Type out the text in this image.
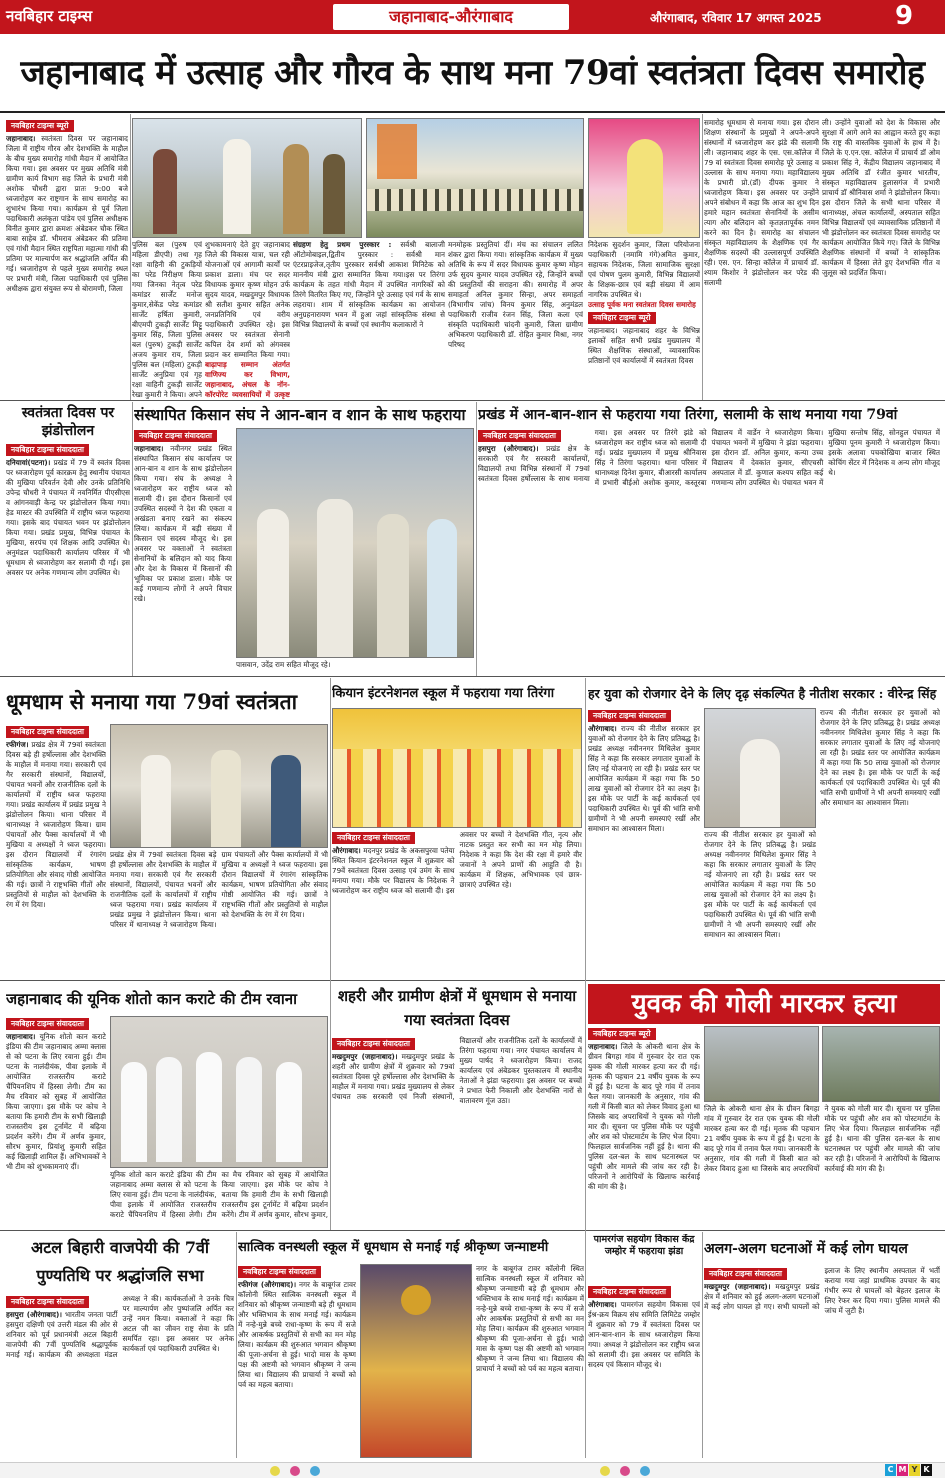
नवबिहार टाइम्स	जहानाबाद-औरंगाबाद	औरंगाबाद, रविवार 17 अगस्त 2025	9
जहानाबाद में उत्साह और गौरव के साथ मना 79वां स्वतंत्रता दिवस समारोह
नवबिहार टाइम्स ब्यूरो
जहानाबाद। स्वतंत्रता दिवस पर जहानाबाद जिला में राष्ट्रीय गौरव और देशभक्ति के माहौल के बीच मुख्य समारोह गांधी मैदान में आयोजित किया गया। इस अवसर पर मुख्य अतिथि मंत्री ग्रामीण कार्य विभाग सह जिले के प्रभारी मंत्री अशोक चौधरी द्वारा प्रातः 9:00 बजे ध्वजारोहण कर राष्ट्रगान के साथ समारोह का शुभारंभ किया गया। कार्यक्रम से पूर्व जिला पदाधिकारी अलंकृता पांडेय एवं पुलिस अधीक्षक विनीत कुमार द्वारा क्रमशः अंबेडकर चौक स्थित बाबा साहेब डॉ. भीमराव अंबेडकर की प्रतिमा एवं गांधी मैदान स्थित राष्ट्रपिता महात्मा गांधी की प्रतिमा पर माल्यार्पण कर श्रद्धांजलि अर्पित की गई। ध्वजारोहण से पहले मुख्य समारोह स्थल पर प्रभारी मंत्री, जिला पदाधिकारी एवं पुलिस अधीक्षक द्वारा संयुक्त रूप से बोरामणी, जिला
पुलिस बल (पुरुष एवं महिला डीएपी) तथा गृह रक्षा वाहिनी की टुकड़ियों का परेड निरीक्षण किया गया जिनका नेतृत्व परेड कमांडर सार्जेंट मनोज कुमार,सेकेंड परेड कमांडर सार्जेंट हर्षिता कुमारी, बीएमपी टुकड़ी सार्जेंट मिट्टू कुमार सिंह, जिला पुलिस बल (पुरुष) टुकड़ी सार्जेंट अजय कुमार राय, जिला पुलिस बल (महिला) टुकड़ी सार्जेंट अनुप्रिया एवं गृह रक्षा वाहिनी टुकड़ी सार्जेंट रेखा कुमारी ने किया। अपने
शुभकामनाएं देते हुए जहानाबाद जिले की विकास यात्रा, चल रही योजनाओं एवं आगामी कार्यों पर प्रकाश डाला। मंच पर सदर विधायक कुमार कृष्ण मोहन उर्फ सुदय यादव, मखदुमपुर विधायक श्री सतीश कुमार सहित अनेक जनप्रतिनिधि एवं वरीय पदाधिकारी उपस्थित रहे। इस अवसर पर स्वतंत्रता सेनानी कपिल देव शर्मा को अंगवस्त्र प्रदान कर सम्मानित किया गया। बाढ़ापाड़ सम्मान अंतर्गत वाणिज्य कर विभाग, जहानाबाद, अंचल के नॉन-कॉरपोरेट व्यवसायियों में उत्कृष्ट
संग्रहण हेतु प्रथम पुरस्कार : सर्वश्री बालाजी ऑटोमोबाइल,द्वितीय पुरस्कार : सर्वश्री मान एंटरप्राइजेज,तृतीय पुरस्कार सर्वश्री आकाश मिनिटेक को माननीय मंत्री द्वारा सम्मानित किया गया।इस पर तिरंगा कार्यक्रम के तहत गांधी मैदान में उपस्थित नागरिकों को तिरंगे वितरित किए गए, जिन्होंने पूरे उत्साह एवं गर्व के साथ लहराया। शाम में सांस्कृतिक कार्यक्रम का आयोजन अनुग्रहनारायण भवन में हुआ जहां सांस्कृतिक संस्था से विभिन्न विद्यालयों के बच्चों एवं स्थानीय कलाकारों ने
मनमोहक प्रस्तुतियां दीं। मंच का संचालन ललित शंकर द्वारा किया गया। सांस्कृतिक कार्यक्रम में मुख्य अतिथि के रूप में सदर विधायक कुमार कृष्ण मोहन उर्फ सुदय कुमार यादव उपस्थित रहे, जिन्होंने बच्चों की प्रस्तुतियों की सराहना की। समारोह में अपर समाहर्ता अनिल कुमार सिन्हा, अपर समाहर्ता (विभागीय जांच) विनय कुमार सिंह, अनुमंडल पदाधिकारी राजीव रंजन सिंह, जिला कला एवं संस्कृति पदाधिकारी चांदनी कुमारी, जिला ग्रामीण अभिकरण पदाधिकारी डॉ. रोहित कुमार मिश्रा, नगर परिषद
निदेशक सुदर्शन कुमार, जिला परियोजना पदाधिकारी (नमामि गंगे)अमित कुमार, सहायक निदेशक, जिला सामाजिक सुरक्षा एवं पोषण पुलम कुमारी, विभिन्न विद्यालयों के शिक्षक-छात्र एवं बड़ी संख्या में आम नागरिक उपस्थित थे।
उत्साह पूर्वक मना स्वतंत्रता दिवस समारोह
नवबिहार टाइम्स ब्यूरो
जहानाबाद। जहानाबाद शहर के विभिन्न इलाकों सहित सभी प्रखंड मुख्यालय में स्थित शैक्षणिक संस्थाओं, व्यावसायिक प्रतिष्ठानों एवं कार्यालयों में स्वतंत्रता दिवस
समारोह धूमधाम से मनाया गया। इस दौरान शिक्षण संस्थानों के प्रमुखों ने अपने-अपने संस्थानों में ध्वजारोहण कर झंडे की सलामी ली। जहानाबाद शहर के एस. एस.कॉलेज में 79 वां स्वतंत्रता दिवस समारोह पूरे उत्साह व उल्लास के साथ मनाया गया। महाविद्यालय के प्रभारी प्रो.(डॉ) दीपक कुमार ने ध्वजारोहण किया। इस अवसर पर उन्होंने अपने संबोधन में कहा कि आज का शुभ दिन हमारे महान स्वतंत्रता सेनानियों के असीम त्याग और बलिदान को कृतज्ञतापूर्वक नमन करने का दिन है। समारोह का संचालन संस्कृत महाविद्यालय के शैक्षणिक एवं गैर शैक्षणिक सदस्यों की उल्लासपूर्ण उपस्थिति रही। एस. एन. सिन्हा कॉलेज में प्राचार्य डॉ. श्याम किशोर ने झंडोत्तोलन कर परेड की सलामी
ली। उन्होंने युवाओं को देश के विकास और सुरक्षा में आगे आने का आह्वान करते हुए कहा कि राष्ट्र की वास्तविक युवाओं के हाथ में है। जिले के ए.एन.एस. कॉलेज में प्राचार्य डॉ ओम प्रकाश सिंह ने, केंद्रीय विद्यालय जहानाबाद में मुख्य अतिथि डॉ रंजीत कुमार भारतीय, संस्कृत महाविद्यालय हुलासगंज में प्रभारी प्राचार्य डॉ श्रीनिवास शर्मा ने झंडोत्तोलन किया। इस दौरान जिले के सभी थाना परिसर में थानाध्यक्ष, अंचल कार्यालयों, अस्पताल सहित विभिन्न विद्यालयों एवं व्यावसायिक प्रतिष्ठानों में भी झंडोत्तोलन कर स्वतंत्रता दिवस समारोह पर कार्यक्रम आयोजित किये गए। जिले के विभिन्न शैक्षणिक संस्थानों में बच्चों ने सांस्कृतिक कार्यक्रम में हिस्सा लेते हुए देशभक्ति गीत व जुलूस को प्रदर्शित किया।
स्वतंत्रता दिवस पर झंडोत्तोलन
नवबिहार टाइम्स संवाददाता
दनियावां(पटना)। प्रखंड में 79 वें स्वतंत्र दिवस पर ध्वजारोहण पूर्व कारक्रम हेतु स्थानीय पंचायत की मुखिया परिवर्तन देवी और उनके प्रतिनिधि उपेन्द्र चौधरी ने पंचायत में नवनिर्मित पीएसीएस व आंगनवाड़ी केन्द्र पर झंडोत्तोलन किया गया। हेड मास्टर की उपस्थिति में राष्ट्रीय ध्वज फहराया गया। इसके बाद पंचायत भवन पर झंडोत्तोलन किया गया। प्रखंड प्रमुख, विभिन्न पंचायत के मुखिया, सरपंच एवं शिक्षक आदि उपस्थित थे। अनुमंडल पदाधिकारी कार्यालय परिसर में भी धूमधाम से ध्वजारोहण कर सलामी दी गई। इस अवसर पर अनेक गणमान्य लोग उपस्थित थे।
संस्थापित किसान संघ ने आन-बान व शान के साथ फहराया
नवबिहार टाइम्स संवाददाता
जहानाबाद। नवीनगर प्रखंड स्थित संस्थापित किसान संघ कार्यालय पर आन-बान व शान के साथ झंडोत्तोलन किया गया। संघ के अध्यक्ष ने ध्वजारोहण कर राष्ट्रीय ध्वज को सलामी दी। इस दौरान किसानों एवं उपस्थित सदस्यों ने देश की एकता व अखंडता बनाए रखने का संकल्प लिया। कार्यक्रम में बड़ी संख्या में किसान एवं सदस्य मौजूद थे। इस अवसर पर वक्ताओं ने स्वतंत्रता सेनानियों के बलिदान को याद किया और देश के विकास में किसानों की भूमिका पर प्रकाश डाला। मौके पर कई गणमान्य लोगों ने अपने विचार रखे।
पासवान, उदेंद्र राम सहित मौजूद रहे।
प्रखंड में आन-बान-शान से फहराया गया तिरंगा, सलामी के साथ मनाया गया 79वां
नवबिहार टाइम्स संवाददाता
हसपुरा (औरंगाबाद)। प्रखंड क्षेत्र के सरकारी एवं गैर सरकारी कार्यालयों, विद्यालयों तथा विभिन्न संस्थानों में 79वां स्वतंत्रता दिवस हर्षोल्लास के साथ मनाया गया। इस अवसर पर तिरंगे झंडे को ध्वजारोहण कर राष्ट्रीय ध्वज को सलामी दी गई। प्रखंड मुख्यालय में प्रमुख श्रीनिवास सिंह ने तिरंगा फहराया। थाना परिसर में थानाध्यक्ष दिनेश कुमार, बीआरसी कार्यालय में प्रभारी बीईओ अशोक कुमार, कस्तूरबा विद्यालय में वार्डेन ने ध्वजारोहण किया। पंचायत भवनों में मुखिया ने झंडा फहराया। इस दौरान डॉ. अनिल कुमार, कन्या उच्च विद्यालय में देवकांत कुमार, सीएचसी अस्पताल में डॉ. कुणाल कश्यप सहित कई गणमान्य लोग उपस्थित थे। पंचायत भवन में मुखिया सन्तोष सिंह, सोनहुल पंचायत में मुखिया पूनम कुमारी ने ध्वजारोहण किया। इसके अलावा पचकोखिया बाजार स्थित कोचिंग सेंटर में निदेशक व अन्य लोग मौजूद थे।
धूमधाम से मनाया गया 79वां स्वतंत्रता
नवबिहार टाइम्स संवाददाता
रफीगंज। प्रखंड क्षेत्र में 79वां स्वतंत्रता दिवस बड़े ही हर्षोल्लास और देशभक्ति के माहौल में मनाया गया। सरकारी एवं गैर सरकारी संस्थानों, विद्यालयों, पंचायत भवनों और राजनीतिक दलों के कार्यालयों में राष्ट्रीय ध्वज फहराया गया। प्रखंड कार्यालय में प्रखंड प्रमुख ने झंडोत्तोलन किया। थाना परिसर में थानाध्यक्ष ने ध्वजारोहण किया। ग्राम पंचायतों और पैक्स कार्यालयों में भी मुखिया व अध्यक्षों ने ध्वज फहराया। इस दौरान विद्यालयों में रंगारंग सांस्कृतिक कार्यक्रम, भाषण प्रतियोगिता और संवाद गोष्ठी आयोजित की गई। छात्रों ने राष्ट्रभक्ति गीतों और प्रस्तुतियों से माहौल को देशभक्ति के रंग में रंग दिया।
प्रखंड क्षेत्र में 79वां स्वतंत्रता दिवस बड़े ही हर्षोल्लास और देशभक्ति के माहौल में मनाया गया। सरकारी एवं गैर सरकारी संस्थानों, विद्यालयों, पंचायत भवनों और राजनीतिक दलों के कार्यालयों में राष्ट्रीय ध्वज फहराया गया। प्रखंड कार्यालय में प्रखंड प्रमुख ने झंडोत्तोलन किया। थाना परिसर में थानाध्यक्ष ने ध्वजारोहण किया। ग्राम पंचायतों और पैक्स कार्यालयों में भी मुखिया व अध्यक्षों ने ध्वज फहराया। इस दौरान विद्यालयों में रंगारंग सांस्कृतिक कार्यक्रम, भाषण प्रतियोगिता और संवाद गोष्ठी आयोजित की गई। छात्रों ने राष्ट्रभक्ति गीतों और प्रस्तुतियों से माहौल को देशभक्ति के रंग में रंग दिया।
कियान इंटरनेशनल स्कूल में फहराया गया तिरंगा
नवबिहार टाइम्स संवाददाता
औरंगाबाद। मदनपुर प्रखंड के अकसपुरवा पतेया स्थित कियान इंटरनेशनल स्कूल में शुक्रवार को 79वें स्वतंत्रता दिवस उत्साह एवं उमंग के साथ मनाया गया। मौके पर विद्यालय के निदेशक ने ध्वजारोहण कर राष्ट्रीय ध्वज को सलामी दी। इस अवसर पर बच्चों ने देशभक्ति गीत, नृत्य और नाटक प्रस्तुत कर सभी का मन मोह लिया। निदेशक ने कहा कि देश की रक्षा में हमारे वीर जवानों ने अपने प्राणों की आहुति दी है। कार्यक्रम में शिक्षक, अभिभावक एवं छात्र-छात्राएं उपस्थित रहे।
हर युवा को रोजगार देने के लिए दृढ़ संकल्पित है नीतीश सरकार : वीरेन्द्र सिंह
नवबिहार टाइम्स संवाददाता
औरंगाबाद। राज्य की नीतीश सरकार हर युवाओं को रोजगार देने के लिए प्रतिबद्ध है। प्रखंड अध्यक्ष नवीननगर मिथिलेश कुमार सिंह ने कहा कि सरकार लगातार युवाओं के लिए नई योजनाएं ला रही है। प्रखंड स्तर पर आयोजित कार्यक्रम में कहा गया कि 50 लाख युवाओं को रोजगार देने का लक्ष्य है। इस मौके पर पार्टी के कई कार्यकर्ता एवं पदाधिकारी उपस्थित थे। पूर्व की भांति सभी ग्रामीणों ने भी अपनी समस्याएं रखीं और समाधान का आश्वासन मिला।
राज्य की नीतीश सरकार हर युवाओं को रोजगार देने के लिए प्रतिबद्ध है। प्रखंड अध्यक्ष नवीननगर मिथिलेश कुमार सिंह ने कहा कि सरकार लगातार युवाओं के लिए नई योजनाएं ला रही है। प्रखंड स्तर पर आयोजित कार्यक्रम में कहा गया कि 50 लाख युवाओं को रोजगार देने का लक्ष्य है। इस मौके पर पार्टी के कई कार्यकर्ता एवं पदाधिकारी उपस्थित थे। पूर्व की भांति सभी ग्रामीणों ने भी अपनी समस्याएं रखीं और समाधान का आश्वासन मिला।
राज्य की नीतीश सरकार हर युवाओं को रोजगार देने के लिए प्रतिबद्ध है। प्रखंड अध्यक्ष नवीननगर मिथिलेश कुमार सिंह ने कहा कि सरकार लगातार युवाओं के लिए नई योजनाएं ला रही है। प्रखंड स्तर पर आयोजित कार्यक्रम में कहा गया कि 50 लाख युवाओं को रोजगार देने का लक्ष्य है। इस मौके पर पार्टी के कई कार्यकर्ता एवं पदाधिकारी उपस्थित थे। पूर्व की भांति सभी ग्रामीणों ने भी अपनी समस्याएं रखीं और समाधान का आश्वासन मिला।
जहानाबाद की यूनिक शोतो कान कराटे की टीम रवाना
नवबिहार टाइम्स संवाददाता
जहानाबाद। यूनिक शोतो कान कराटे इंडिया की टीम जहानाबाद अम्मा क्लास से को पटना के लिए रवाना हुई। टीम पटना के नालंदीयंक, पीवा इलाके में आयोजित राजस्तरीय कराटे चैंपियनशिप में हिस्सा लेगी। टीम का मैच रविवार को सुबह में आयोजित किया जाएगा। इस मौके पर कोच ने बताया कि हमारी टीम के सभी खिलाड़ी राजस्तरीय इस टूर्नामेंट में बढ़िया प्रदर्शन करेंगे। टीम में अर्णव कुमार, सौरभ कुमार, प्रियांशु कुमारी सहित कई खिलाड़ी शामिल हैं। अभिभावकों ने भी टीम को शुभकामनाएं दीं।
यूनिक शोतो कान कराटे इंडिया की टीम जहानाबाद अम्मा क्लास से को पटना के लिए रवाना हुई। टीम पटना के नालंदीयंक, पीवा इलाके में आयोजित राजस्तरीय कराटे चैंपियनशिप में हिस्सा लेगी। टीम का मैच रविवार को सुबह में आयोजित किया जाएगा। इस मौके पर कोच ने बताया कि हमारी टीम के सभी खिलाड़ी राजस्तरीय इस टूर्नामेंट में बढ़िया प्रदर्शन करेंगे। टीम में अर्णव कुमार, सौरभ कुमार,
शहरी और ग्रामीण क्षेत्रों में धूमधाम से मनाया गया स्वतंत्रता दिवस
नवबिहार टाइम्स संवाददाता
मखदुमपुर (जहानाबाद)। मखदुमपुर प्रखंड के शहरी और ग्रामीण क्षेत्रों में शुक्रवार को 79वां स्वतंत्रता दिवस पूरे हर्षोल्लास और देशभक्ति के माहौल में मनाया गया। प्रखंड मुख्यालय से लेकर पंचायत तक सरकारी एवं निजी संस्थानों, विद्यालयों और राजनीतिक दलों के कार्यालयों में तिरंगा फहराया गया। नगर पंचायत कार्यालय में मुख्य पार्षद ने ध्वजारोहण किया। राजद कार्यालय एवं अंबेडकर पुस्तकालय में स्थानीय नेताओं ने झंडा फहराया। इस अवसर पर बच्चों ने प्रभात फेरी निकाली और देशभक्ति नारों से वातावरण गूंज उठा।
युवक की गोली मारकर हत्या
नवबिहार टाइम्स ब्यूरो
जहानाबाद। जिले के ओकरी थाना क्षेत्र के ग्रीवन बिगहा गांव में गुरुवार देर रात एक युवक की गोली मारकर हत्या कर दी गई। मृतक की पहचान 21 वर्षीय युवक के रूप में हुई है। घटना के बाद पूरे गांव में तनाव फैल गया। जानकारी के अनुसार, गांव की गली में किसी बात को लेकर विवाद हुआ था जिसके बाद अपराधियों ने युवक को गोली मार दी। सूचना पर पुलिस मौके पर पहुंची और शव को पोस्टमार्टम के लिए भेज दिया। फिलहाल सार्वजनिक नहीं हुई है। थाना की पुलिस दल-बल के साथ घटनास्थल पर पहुंची और मामले की जांच कर रही है। परिजनों ने आरोपियों के खिलाफ कार्रवाई की मांग की है।
जिले के ओकरी थाना क्षेत्र के ग्रीवन बिगहा गांव में गुरुवार देर रात एक युवक की गोली मारकर हत्या कर दी गई। मृतक की पहचान 21 वर्षीय युवक के रूप में हुई है। घटना के बाद पूरे गांव में तनाव फैल गया। जानकारी के अनुसार, गांव की गली में किसी बात को लेकर विवाद हुआ था जिसके बाद अपराधियों ने युवक को गोली मार दी। सूचना पर पुलिस मौके पर पहुंची और शव को पोस्टमार्टम के लिए भेज दिया। फिलहाल सार्वजनिक नहीं हुई है। थाना की पुलिस दल-बल के साथ घटनास्थल पर पहुंची और मामले की जांच कर रही है। परिजनों ने आरोपियों के खिलाफ कार्रवाई की मांग की है।
अटल बिहारी वाजपेयी की 7वीं पुण्यतिथि पर श्रद्धांजलि सभा
नवबिहार टाइम्स संवाददाता
हसपुरा (औरंगाबाद)। भारतीय जनता पार्टी हसपुरा दक्षिणी एवं उत्तरी मंडल की ओर से शनिवार को पूर्व प्रधानमंत्री अटल बिहारी वाजपेयी की 7वीं पुण्यतिथि श्रद्धापूर्वक मनाई गई। कार्यक्रम की अध्यक्षता मंडल अध्यक्ष ने की। कार्यकर्ताओं ने उनके चित्र पर माल्यार्पण और पुष्पांजलि अर्पित कर उन्हें नमन किया। वक्ताओं ने कहा कि अटल जी का जीवन राष्ट्र सेवा के प्रति समर्पित रहा। इस अवसर पर अनेक कार्यकर्ता एवं पदाधिकारी उपस्थित थे।
सात्विक वनस्थली स्कूल में धूमधाम से मनाई गई श्रीकृष्ण जन्माष्टमी
नवबिहार टाइम्स संवाददाता
रफीगंज (औरंगाबाद)। नगर के बाबूगंज टावर कॉलोनी स्थित सात्विक वनस्थली स्कूल में शनिवार को श्रीकृष्ण जन्माष्टमी बड़े ही धूमधाम और भक्तिभाव के साथ मनाई गई। कार्यक्रम में नन्हे-मुन्ने बच्चे राधा-कृष्ण के रूप में सजे और आकर्षक प्रस्तुतियों से सभी का मन मोह लिया। कार्यक्रम की शुरुआत भगवान श्रीकृष्ण की पूजा-अर्चना से हुई। भादो मास के कृष्ण पक्ष की अष्टमी को भगवान श्रीकृष्ण ने जन्म लिया था। विद्यालय की प्राचार्या ने बच्चों को पर्व का महत्व बताया।
नगर के बाबूगंज टावर कॉलोनी स्थित सात्विक वनस्थली स्कूल में शनिवार को श्रीकृष्ण जन्माष्टमी बड़े ही धूमधाम और भक्तिभाव के साथ मनाई गई। कार्यक्रम में नन्हे-मुन्ने बच्चे राधा-कृष्ण के रूप में सजे और आकर्षक प्रस्तुतियों से सभी का मन मोह लिया। कार्यक्रम की शुरुआत भगवान श्रीकृष्ण की पूजा-अर्चना से हुई। भादो मास के कृष्ण पक्ष की अष्टमी को भगवान श्रीकृष्ण ने जन्म लिया था। विद्यालय की प्राचार्या ने बच्चों को पर्व का महत्व बताया।
पामरगंज सहयोग विकास केंद्र जम्होर में फहराया झंडा
नवबिहार टाइम्स संवाददाता
औरंगाबाद। पामरगंज सहयोग विकास एवं ईश्र-क्रय विक्रय संघ समिति लिमिटेड जम्होर में शुक्रवार को 79 वें स्वतंत्रता दिवस पर आन-बान-शान के साथ ध्वजारोहण किया गया। अध्यक्ष ने झंडोत्तोलन कर राष्ट्रीय ध्वज को सलामी दी। इस अवसर पर समिति के सदस्य एवं किसान मौजूद थे।
अलग-अलग घटनाओं में कई लोग घायल
नवबिहार टाइम्स संवाददाता
मखदुमपुर (जहानाबाद)। मखदुमपुर प्रखंड क्षेत्र में शनिवार को हुई अलग-अलग घटनाओं में कई लोग घायल हो गए। सभी घायलों को इलाज के लिए स्थानीय अस्पताल में भर्ती कराया गया जहां प्राथमिक उपचार के बाद गंभीर रूप से घायलों को बेहतर इलाज के लिए रेफर कर दिया गया। पुलिस मामले की जांच में जुटी है।
C M Y K
